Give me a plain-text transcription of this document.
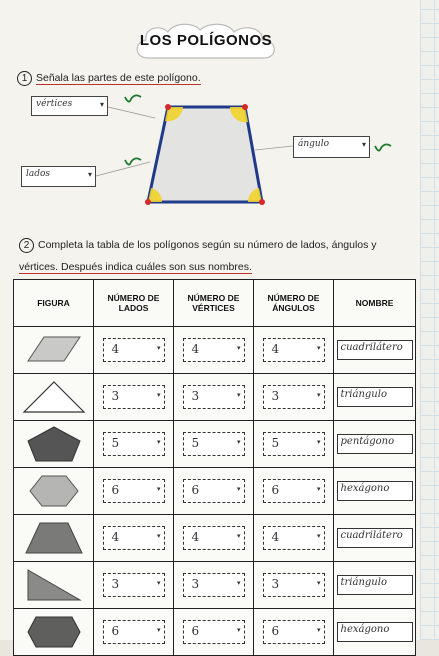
LOS POLÍGONOS
1 Señala las partes de este polígono.
vértices	▾
lados	▾
ángulo	▾
2 Completa la tabla de los polígonos según su número de lados, ángulos y
vértices. Después indica cuáles son sus nombres.
FIGURA	NÚMERO DE LADOS	NÚMERO DE VÉRTICES	NÚMERO DE ÁNGULOS	NOMBRE

4 ▾	4 ▾	4 ▾	cuadrilátero

3 ▾	3 ▾	3 ▾	triángulo

5 ▾	5 ▾	5 ▾	pentágono

6 ▾	6 ▾	6 ▾	hexágono

4 ▾	4 ▾	4 ▾	cuadrilátero

3 ▾	3 ▾	3 ▾	triángulo

6 ▾	6 ▾	6 ▾	hexágono
